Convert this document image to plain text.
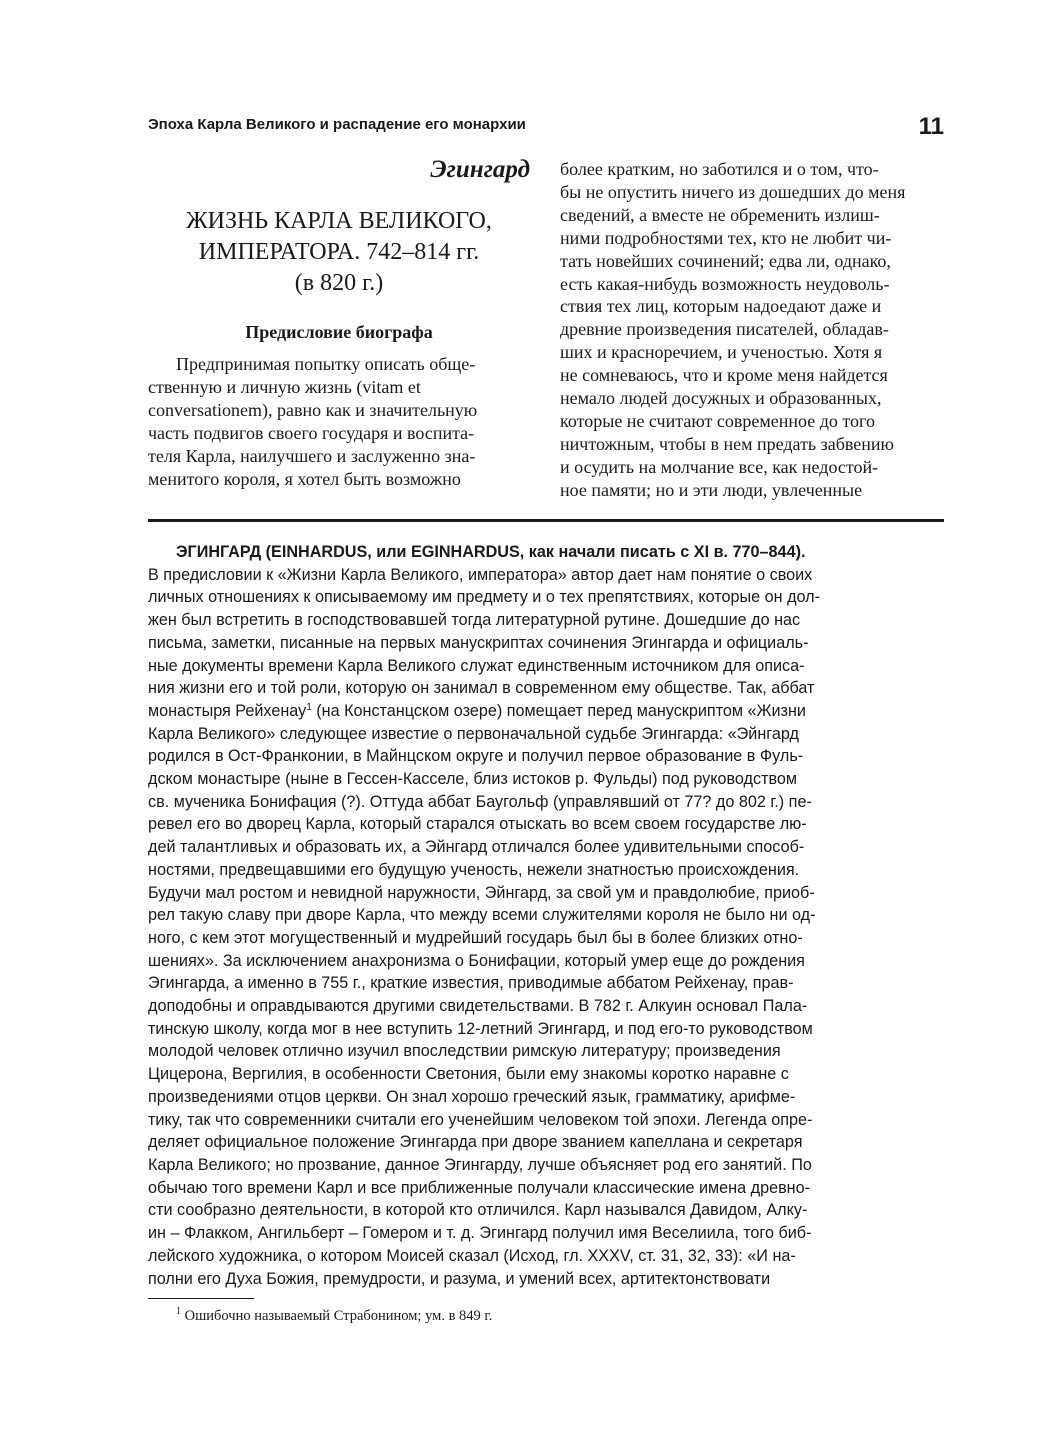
Эпоха Карла Великого и распадение его монархии	11
Эгингард
ЖИЗНЬ КАРЛА ВЕЛИКОГО,
ИМПЕРАТОРА. 742–814 гг.
(в 820 г.)
Предисловие биографа
Предпринимая попытку описать обще-
ственную и личную жизнь (vitam et
conversationem), равно как и значительную
часть подвигов своего государя и воспита-
теля Карла, наилучшего и заслуженно зна-
менитого короля, я хотел быть возможно
более кратким, но заботился и о том, что-
бы не опустить ничего из дошедших до меня
сведений, а вместе не обременить излиш-
ними подробностями тех, кто не любит чи-
тать новейших сочинений; едва ли, однако,
есть какая-нибудь возможность неудоволь-
ствия тех лиц, которым надоедают даже и
древние произведения писателей, обладав-
ших и красноречием, и ученостью. Хотя я
не сомневаюсь, что и кроме меня найдется
немало людей досужных и образованных,
которые не считают современное до того
ничтожным, чтобы в нем предать забвению
и осудить на молчание все, как недостой-
ное памяти; но и эти люди, увлеченные
ЭГИНГАРД (EINHARDUS, или EGINHARDUS, как начали писать с XI в. 770–844).
В предисловии к «Жизни Карла Великого, императора» автор дает нам понятие о своих
личных отношениях к описываемому им предмету и о тех препятствиях, которые он дол-
жен был встретить в господствовавшей тогда литературной рутине. Дошедшие до нас
письма, заметки, писанные на первых манускриптах сочинения Эгингарда и официаль-
ные документы времени Карла Великого служат единственным источником для описа-
ния жизни его и той роли, которую он занимал в современном ему обществе. Так, аббат
монастыря Рейхенау$^1$ (на Констанцском озере) помещает перед манускриптом «Жизни
Карла Великого» следующее известие о первоначальной судьбе Эгингарда: «Эйнгард
родился в Ост-Франконии, в Майнцском округе и получил первое образование в Фуль-
дском монастыре (ныне в Гессен-Касселе, близ истоков р. Фульды) под руководством
св. мученика Бонифация (?). Оттуда аббат Баугольф (управлявший от 77? до 802 г.) пе-
ревел его во дворец Карла, который старался отыскать во всем своем государстве лю-
дей талантливых и образовать их, а Эйнгард отличался более удивительными способ-
ностями, предвещавшими его будущую ученость, нежели знатностью происхождения.
Будучи мал ростом и невидной наружности, Эйнгард, за свой ум и правдолюбие, приоб-
рел такую славу при дворе Карла, что между всеми служителями короля не было ни од-
ного, с кем этот могущественный и мудрейший государь был бы в более близких отно-
шениях». За исключением анахронизма о Бонифации, который умер еще до рождения
Эгингарда, а именно в 755 г., краткие известия, приводимые аббатом Рейхенау, прав-
доподобны и оправдываются другими свидетельствами. В 782 г. Алкуин основал Пала-
тинскую школу, когда мог в нее вступить 12-летний Эгингард, и под его-то руководством
молодой человек отлично изучил впоследствии римскую литературу; произведения
Цицерона, Вергилия, в особенности Светония, были ему знакомы коротко наравне с
произведениями отцов церкви. Он знал хорошо греческий язык, грамматику, арифме-
тику, так что современники считали его ученейшим человеком той эпохи. Легенда опре-
деляет официальное положение Эгингарда при дворе званием капеллана и секретаря
Карла Великого; но прозвание, данное Эгингарду, лучше объясняет род его занятий. По
обычаю того времени Карл и все приближенные получали классические имена древно-
сти сообразно деятельности, в которой кто отличился. Карл назывался Давидом, Алку-
ин – Флакком, Ангильберт – Гомером и т. д. Эгингард получил имя Веселиила, того биб-
лейского художника, о котором Моисей сказал (Исход, гл. XXXV, ст. 31, 32, 33): «И на-
полни его Духа Божия, премудрости, и разума, и умений всех, артитектонствовати
$^1$ Ошибочно называемый Страбонином; ум. в 849 г.
